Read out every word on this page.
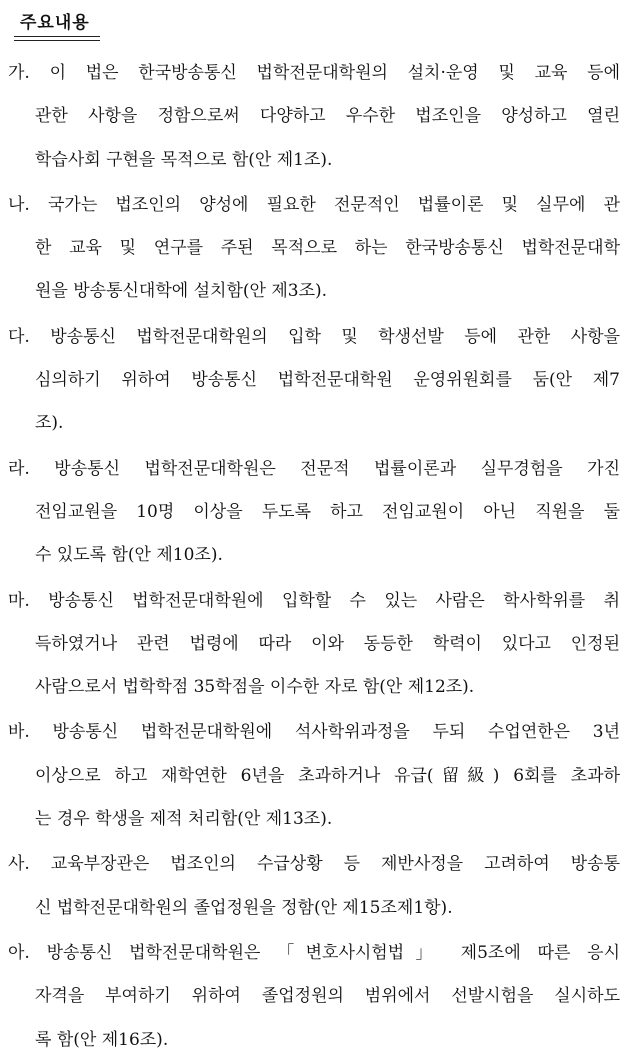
주요내용
가. 이 법은 한국방송통신 법학전문대학원의 설치·운영 및 교육 등에
관한 사항을 정함으로써 다양하고 우수한 법조인을 양성하고 열린
학습사회 구현을 목적으로 함(안 제1조).
나. 국가는 법조인의 양성에 필요한 전문적인 법률이론 및 실무에 관
한 교육 및 연구를 주된 목적으로 하는 한국방송통신 법학전문대학
원을 방송통신대학에 설치함(안 제3조).
다. 방송통신 법학전문대학원의 입학 및 학생선발 등에 관한 사항을
심의하기 위하여 방송통신 법학전문대학원 운영위원회를 둠(안 제7
조).
라. 방송통신 법학전문대학원은 전문적 법률이론과 실무경험을 가진
전임교원을 10명 이상을 두도록 하고 전임교원이 아닌 직원을 둘
수 있도록 함(안 제10조).
마. 방송통신 법학전문대학원에 입학할 수 있는 사람은 학사학위를 취
득하였거나 관련 법령에 따라 이와 동등한 학력이 있다고 인정된
사람으로서 법학학점 35학점을 이수한 자로 함(안 제12조).
바. 방송통신 법학전문대학원에 석사학위과정을 두되 수업연한은 3년
이상으로 하고 재학연한 6년을 초과하거나 유급(留級) 6회를 초과하
는 경우 학생을 제적 처리함(안 제13조).
사. 교육부장관은 법조인의 수급상황 등 제반사정을 고려하여 방송통
신 법학전문대학원의 졸업정원을 정함(안 제15조제1항).
아. 방송통신 법학전문대학원은 「변호사시험법」 제5조에 따른 응시
자격을 부여하기 위하여 졸업정원의 범위에서 선발시험을 실시하도
록 함(안 제16조).
